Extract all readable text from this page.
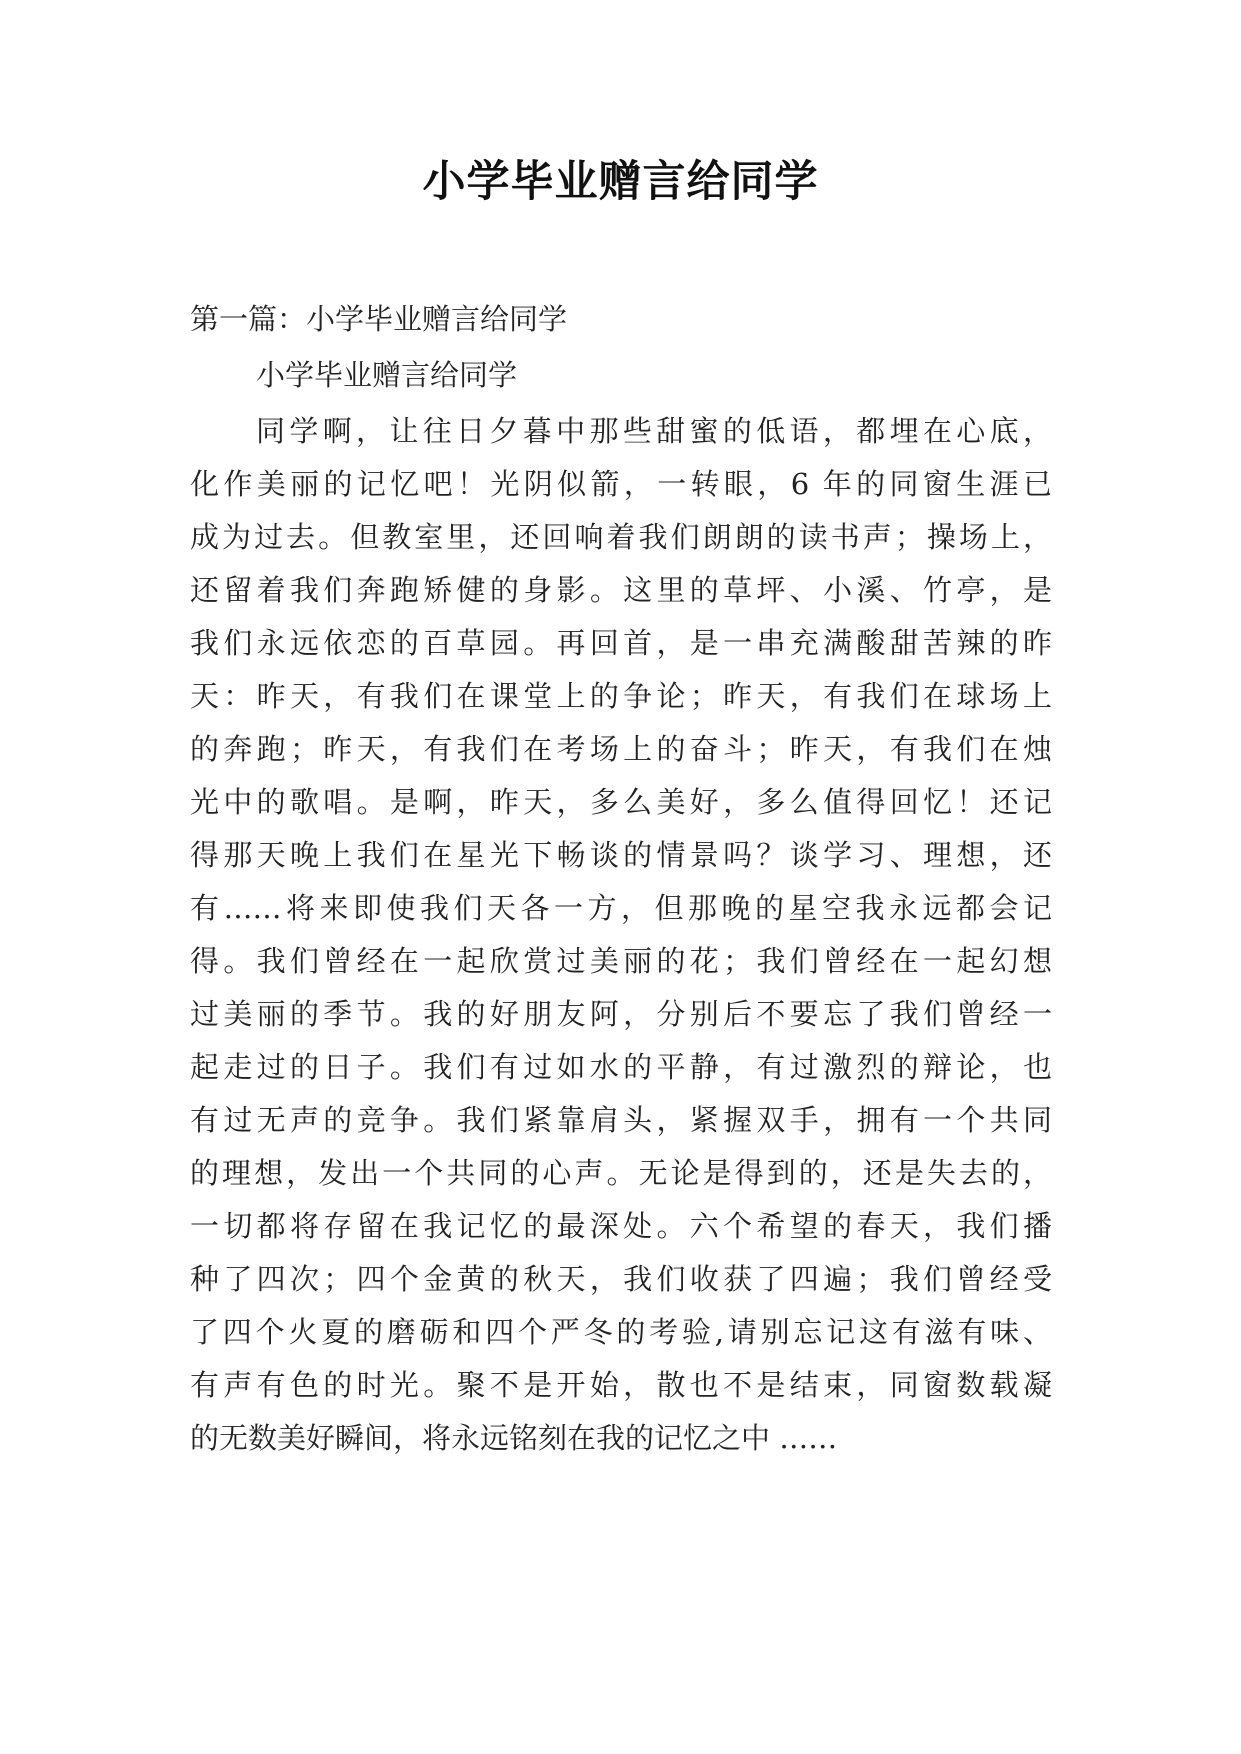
小学毕业赠言给同学
第一篇：小学毕业赠言给同学
小学毕业赠言给同学
同学啊，让往日夕暮中那些甜蜜的低语，都埋在心底，
化作美丽的记忆吧！光阴似箭，一转眼，6 年的同窗生涯已
成为过去。但教室里，还回响着我们朗朗的读书声；操场上，
还留着我们奔跑矫健的身影。这里的草坪、小溪、竹亭，是
我们永远依恋的百草园。再回首，是一串充满酸甜苦辣的昨
天：昨天，有我们在课堂上的争论；昨天，有我们在球场上
的奔跑；昨天，有我们在考场上的奋斗；昨天，有我们在烛
光中的歌唱。是啊，昨天，多么美好，多么值得回忆！还记
得那天晚上我们在星光下畅谈的情景吗？谈学习、理想，还
有……将来即使我们天各一方，但那晚的星空我永远都会记
得。我们曾经在一起欣赏过美丽的花；我们曾经在一起幻想
过美丽的季节。我的好朋友阿，分别后不要忘了我们曾经一
起走过的日子。我们有过如水的平静，有过激烈的辩论，也
有过无声的竞争。我们紧靠肩头，紧握双手，拥有一个共同
的理想，发出一个共同的心声。无论是得到的，还是失去的，
一切都将存留在我记忆的最深处。六个希望的春天，我们播
种了四次；四个金黄的秋天，我们收获了四遍；我们曾经受
了四个火夏的磨砺和四个严冬的考验,请别忘记这有滋有味、
有声有色的时光。聚不是开始，散也不是结束，同窗数载凝
的无数美好瞬间，将永远铭刻在我的记忆之中 ……
